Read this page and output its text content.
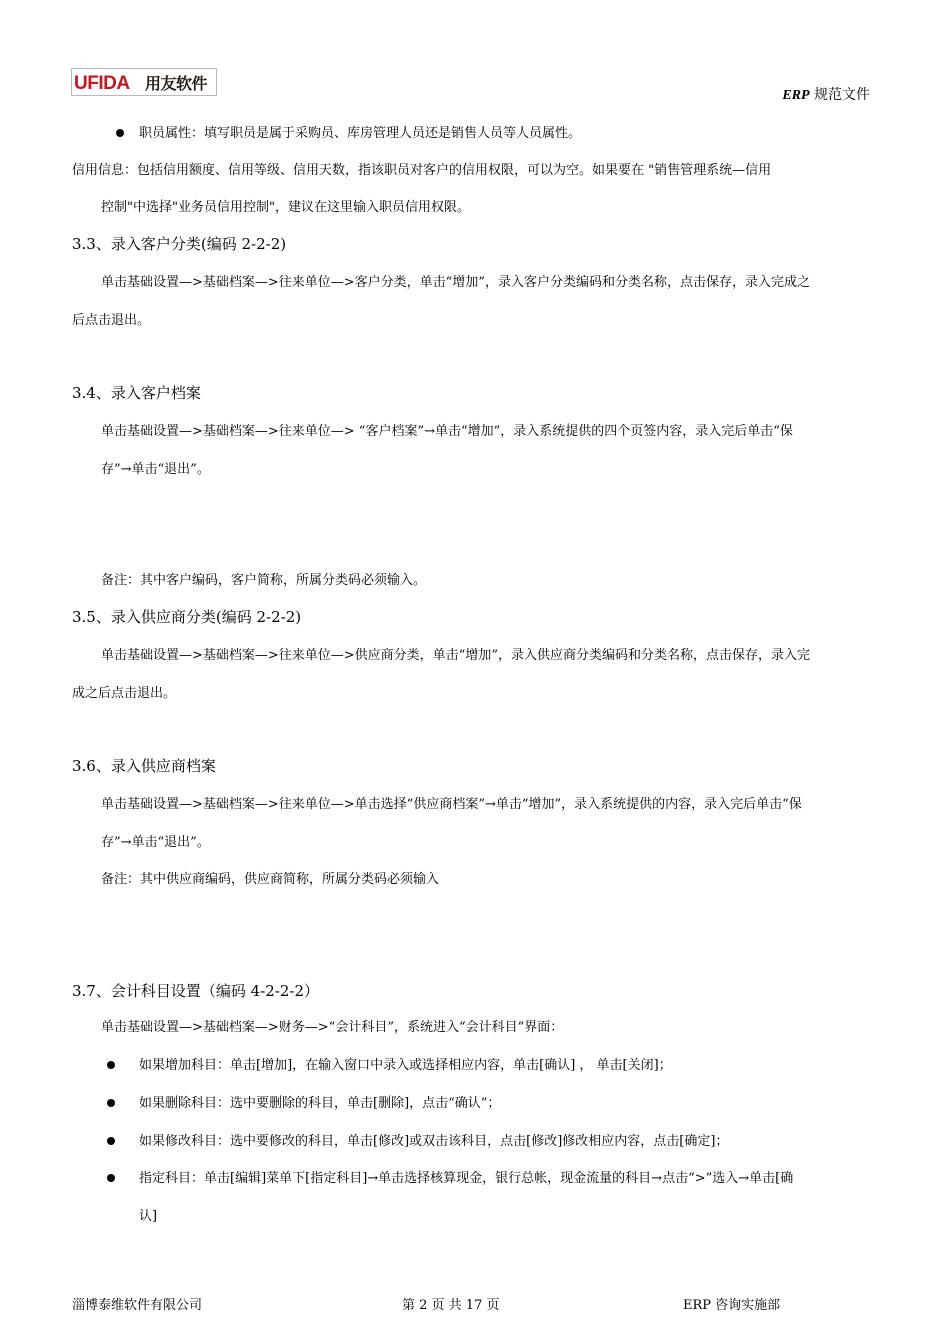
UFIDA 用友软件
ERP 规范文件
职员属性：填写职员是属于采购员、库房管理人员还是销售人员等人员属性。
信用信息：包括信用额度、信用等级、信用天数，指该职员对客户的信用权限，可以为空。如果要在 "销售管理系统—信用
控制"中选择"业务员信用控制"，建议在这里输入职员信用权限。
3.3、录入客户分类(编码 2-2-2)
单击基础设置—>基础档案—>往来单位—>客户分类，单击“增加”，录入客户分类编码和分类名称，点击保存，录入完成之
后点击退出。
3.4、录入客户档案
单击基础设置—>基础档案—>往来单位—> “客户档案”→单击“增加”，录入系统提供的四个页签内容，录入完后单击“保
存”→单击“退出”。
备注：其中客户编码，客户简称，所属分类码必须输入。
3.5、录入供应商分类(编码 2-2-2)
单击基础设置—>基础档案—>往来单位—>供应商分类，单击“增加”，录入供应商分类编码和分类名称，点击保存，录入完
成之后点击退出。
3.6、录入供应商档案
单击基础设置—>基础档案—>往来单位—>单击选择“供应商档案”→单击“增加”，录入系统提供的内容，录入完后单击“保
存”→单击“退出”。
备注：其中供应商编码，供应商简称，所属分类码必须输入
3.7、会计科目设置（编码 4-2-2-2）
单击基础设置—>基础档案—>财务—>“会计科目”，系统进入“会计科目”界面：
如果增加科目：单击[增加]，在输入窗口中录入或选择相应内容，单击[确认] ， 单击[关闭]；
如果删除科目：选中要删除的科目，单击[删除]，点击“确认”；
如果修改科目：选中要修改的科目，单击[修改]或双击该科目，点击[修改]修改相应内容，点击[确定]；
指定科目：单击[编辑]菜单下[指定科目]→单击选择核算现金，银行总帐，现金流量的科目→点击“>”选入→单击[确
认]
淄博泰维软件有限公司	第 2 页 共 17 页	ERP 咨询实施部
